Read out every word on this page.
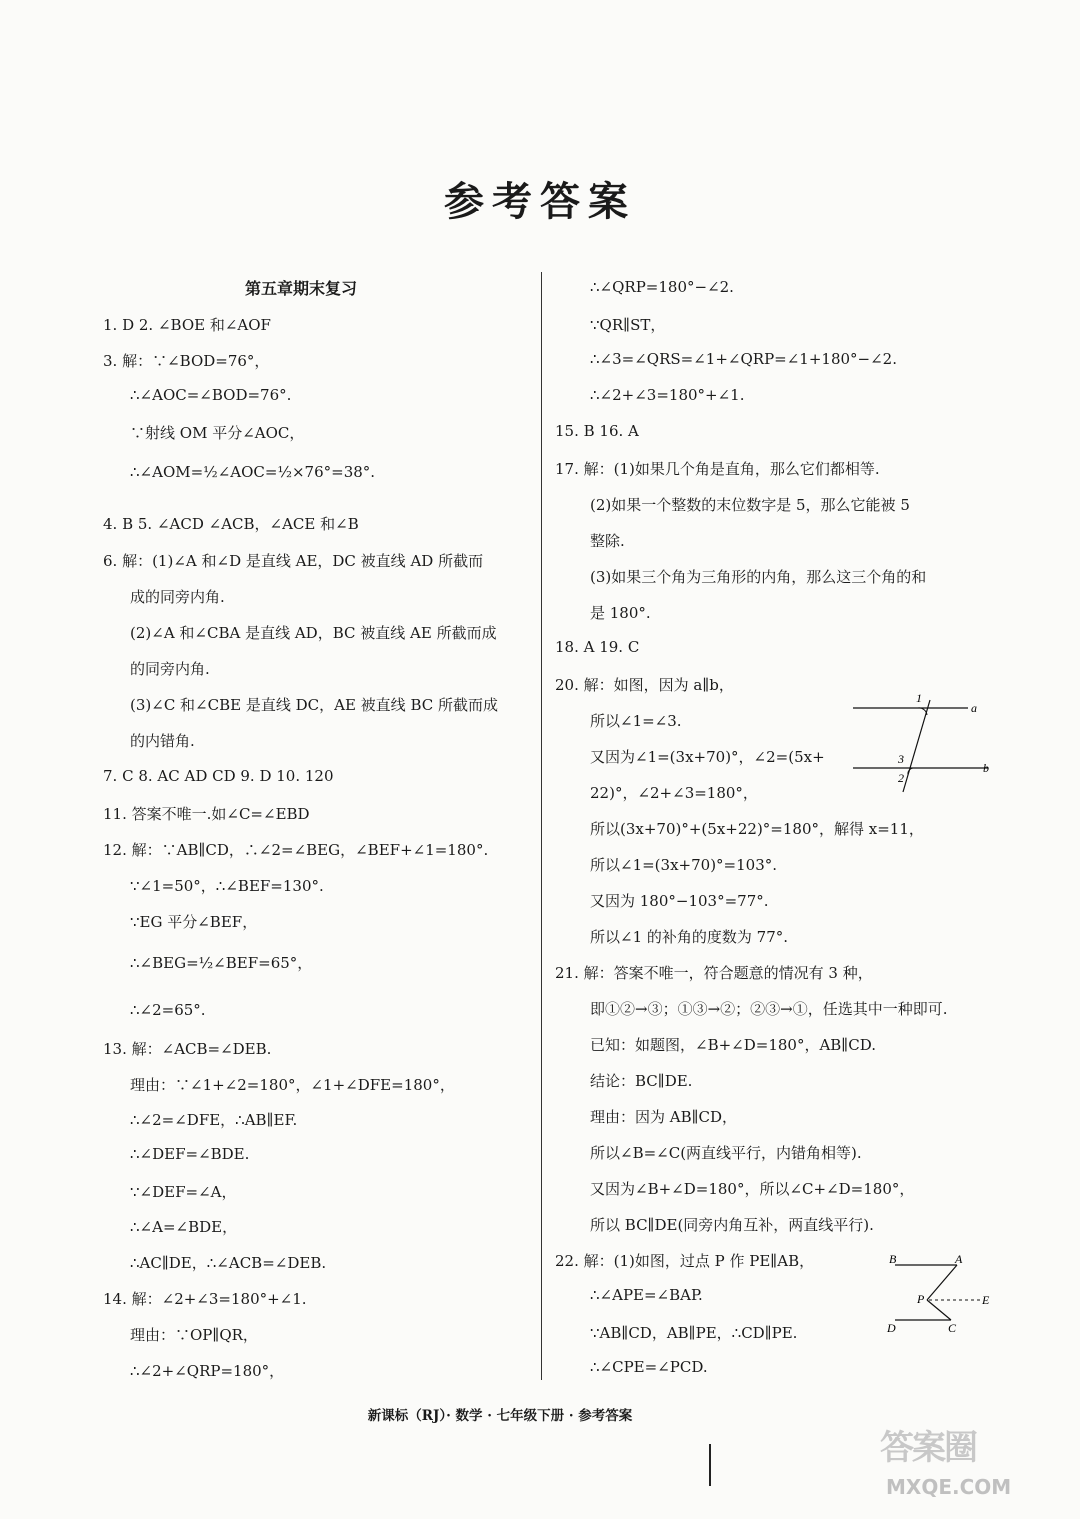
参考答案
第五章期末复习
1. D 2. ∠BOE 和∠AOF
3. 解：∵∠BOD=76°，
∴∠AOC=∠BOD=76°.
∵射线 OM 平分∠AOC，
∴∠AOM=½∠AOC=½×76°=38°.
4. B 5. ∠ACD ∠ACB，∠ACE 和∠B
6. 解：(1)∠A 和∠D 是直线 AE，DC 被直线 AD 所截而
成的同旁内角.
(2)∠A 和∠CBA 是直线 AD，BC 被直线 AE 所截而成
的同旁内角.
(3)∠C 和∠CBE 是直线 DC，AE 被直线 BC 所截而成
的内错角.
7. C 8. AC AD CD 9. D 10. 120
11. 答案不唯一.如∠C=∠EBD
12. 解：∵AB∥CD，∴∠2=∠BEG，∠BEF+∠1=180°.
∵∠1=50°，∴∠BEF=130°.
∵EG 平分∠BEF，
∴∠BEG=½∠BEF=65°，
∴∠2=65°.
13. 解：∠ACB=∠DEB.
理由：∵∠1+∠2=180°，∠1+∠DFE=180°，
∴∠2=∠DFE，∴AB∥EF.
∴∠DEF=∠BDE.
∵∠DEF=∠A，
∴∠A=∠BDE，
∴AC∥DE，∴∠ACB=∠DEB.
14. 解：∠2+∠3=180°+∠1.
理由：∵OP∥QR，
∴∠2+∠QRP=180°，
∴∠QRP=180°−∠2.
∵QR∥ST，
∴∠3=∠QRS=∠1+∠QRP=∠1+180°−∠2.
∴∠2+∠3=180°+∠1.
15. B 16. A
17. 解：(1)如果几个角是直角，那么它们都相等.
(2)如果一个整数的末位数字是 5，那么它能被 5
整除.
(3)如果三个角为三角形的内角，那么这三个角的和
是 180°.
18. A 19. C
20. 解：如图，因为 a∥b，
所以∠1=∠3.
又因为∠1=(3x+70)°，∠2=(5x+
22)°，∠2+∠3=180°，
所以(3x+70)°+(5x+22)°=180°，解得 x=11，
所以∠1=(3x+70)°=103°.
又因为 180°−103°=77°.
所以∠1 的补角的度数为 77°.
21. 解：答案不唯一，符合题意的情况有 3 种，
即①②→③；①③→②；②③→①，任选其中一种即可.
已知：如题图，∠B+∠D=180°，AB∥CD.
结论：BC∥DE.
理由：因为 AB∥CD，
所以∠B=∠C(两直线平行，内错角相等).
又因为∠B+∠D=180°，所以∠C+∠D=180°，
所以 BC∥DE(同旁内角互补，两直线平行).
22. 解：(1)如图，过点 P 作 PE∥AB，
∴∠APE=∠BAP.
∵AB∥CD，AB∥PE，∴CD∥PE.
∴∠CPE=∠PCD.
1
3
2
a
b
B	A
P	E
D	C
新课标（RJ）· 数学 · 七年级下册 · 参考答案
答案圈
MXQE.COM
